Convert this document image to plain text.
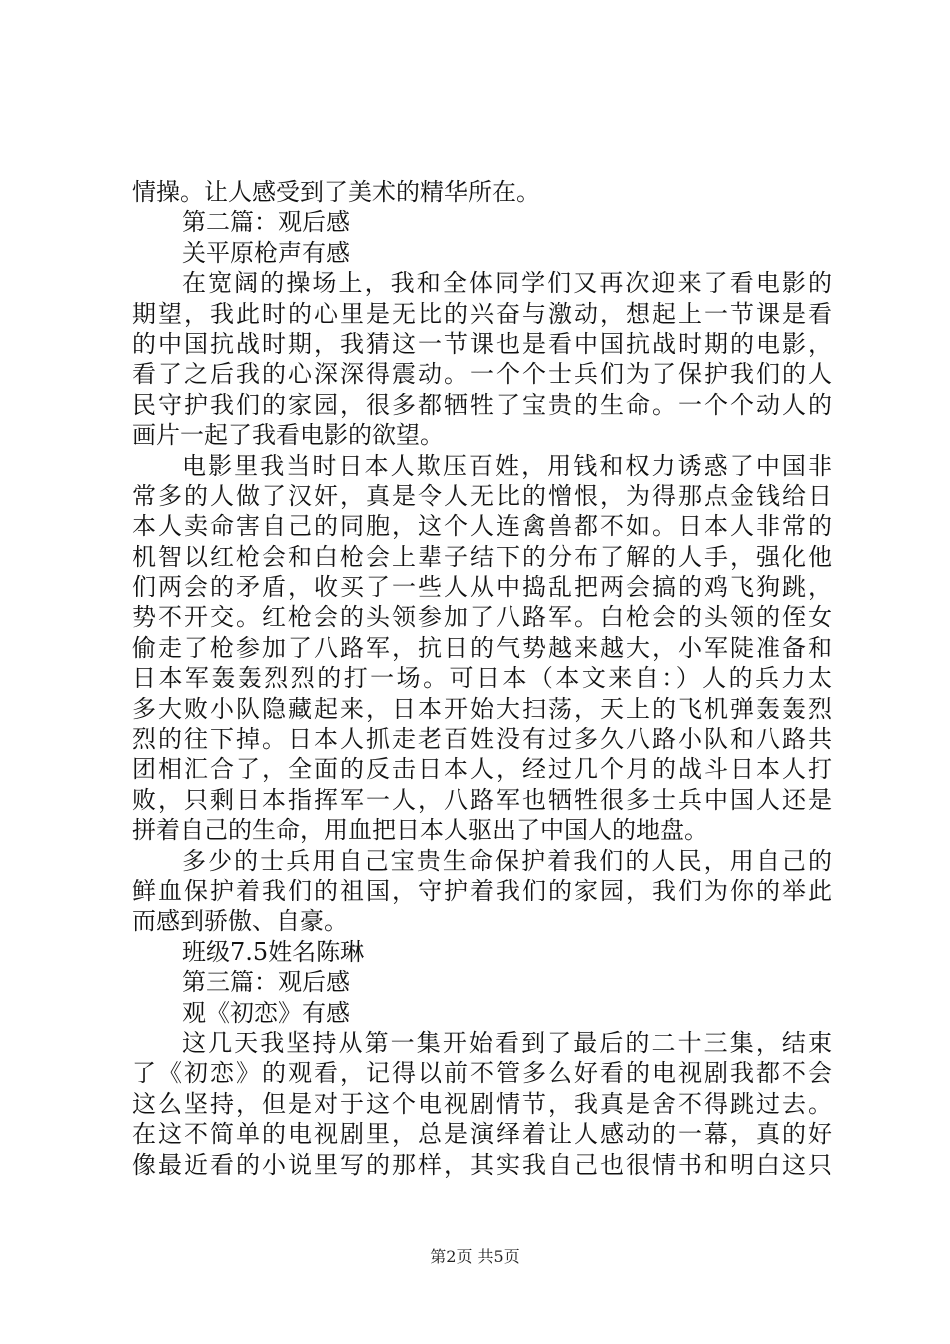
情操。让人感受到了美术的精华所在。
第二篇：观后感
关平原枪声有感
在宽阔的操场上，我和全体同学们又再次迎来了看电影的
期望，我此时的心里是无比的兴奋与激动，想起上一节课是看
的中国抗战时期，我猜这一节课也是看中国抗战时期的电影，
看了之后我的心深深得震动。一个个士兵们为了保护我们的人
民守护我们的家园，很多都牺牲了宝贵的生命。一个个动人的
画片一起了我看电影的欲望。
电影里我当时日本人欺压百姓，用钱和权力诱惑了中国非
常多的人做了汉奸，真是令人无比的憎恨，为得那点金钱给日
本人卖命害自己的同胞，这个人连禽兽都不如。日本人非常的
机智以红枪会和白枪会上辈子结下的分布了解的人手，强化他
们两会的矛盾，收买了一些人从中捣乱把两会搞的鸡飞狗跳，
势不开交。红枪会的头领参加了八路军。白枪会的头领的侄女
偷走了枪参加了八路军，抗日的气势越来越大，小军陡准备和
日本军轰轰烈烈的打一场。可日本（本文来自：）人的兵力太
多大败小队隐藏起来，日本开始大扫荡，天上的飞机弹轰轰烈
烈的往下掉。日本人抓走老百姓没有过多久八路小队和八路共
团相汇合了，全面的反击日本人，经过几个月的战斗日本人打
败，只剩日本指挥军一人，八路军也牺牲很多士兵中国人还是
拼着自己的生命，用血把日本人驱出了中国人的地盘。
多少的士兵用自己宝贵生命保护着我们的人民，用自己的
鲜血保护着我们的祖国，守护着我们的家园，我们为你的举此
而感到骄傲、自豪。
班级7.5姓名陈琳
第三篇：观后感
观《初恋》有感
这几天我坚持从第一集开始看到了最后的二十三集，结束
了《初恋》的观看，记得以前不管多么好看的电视剧我都不会
这么坚持，但是对于这个电视剧情节，我真是舍不得跳过去。
在这不简单的电视剧里，总是演绎着让人感动的一幕，真的好
像最近看的小说里写的那样，其实我自己也很情书和明白这只
第2页 共5页
